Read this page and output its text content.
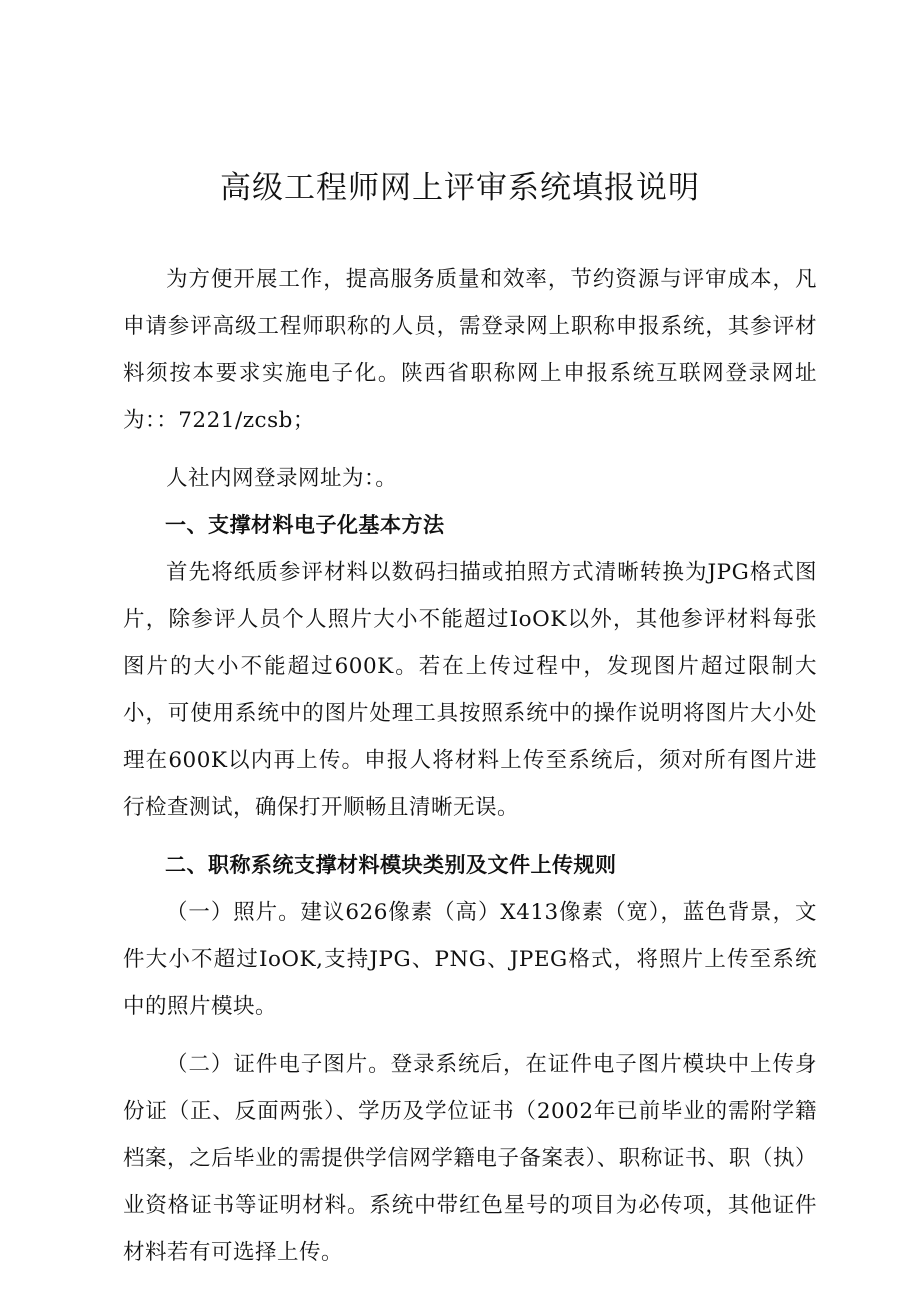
高级工程师网上评审系统填报说明

为方便开展工作，提高服务质量和效率，节约资源与评审成本，凡申请参评高级工程师职称的人员，需登录网上职称申报系统，其参评材料须按本要求实施电子化。陕西省职称网上申报系统互联网登录网址为：：7221/zcsb；

人社内网登录网址为：。

一、支撑材料电子化基本方法

首先将纸质参评材料以数码扫描或拍照方式清晰转换为JPG格式图片，除参评人员个人照片大小不能超过IoOK以外，其他参评材料每张图片的大小不能超过600K。若在上传过程中，发现图片超过限制大小，可使用系统中的图片处理工具按照系统中的操作说明将图片大小处理在600K以内再上传。申报人将材料上传至系统后，须对所有图片进行检查测试，确保打开顺畅且清晰无误。

二、职称系统支撑材料模块类别及文件上传规则

（一）照片。建议626像素（高）X413像素（宽），蓝色背景，文件大小不超过IoOK,支持JPG、PNG、JPEG格式，将照片上传至系统中的照片模块。

（二）证件电子图片。登录系统后，在证件电子图片模块中上传身份证（正、反面两张）、学历及学位证书（2002年已前毕业的需附学籍档案，之后毕业的需提供学信网学籍电子备案表）、职称证书、职（执）业资格证书等证明材料。系统中带红色星号的项目为必传项，其他证件材料若有可选择上传。
